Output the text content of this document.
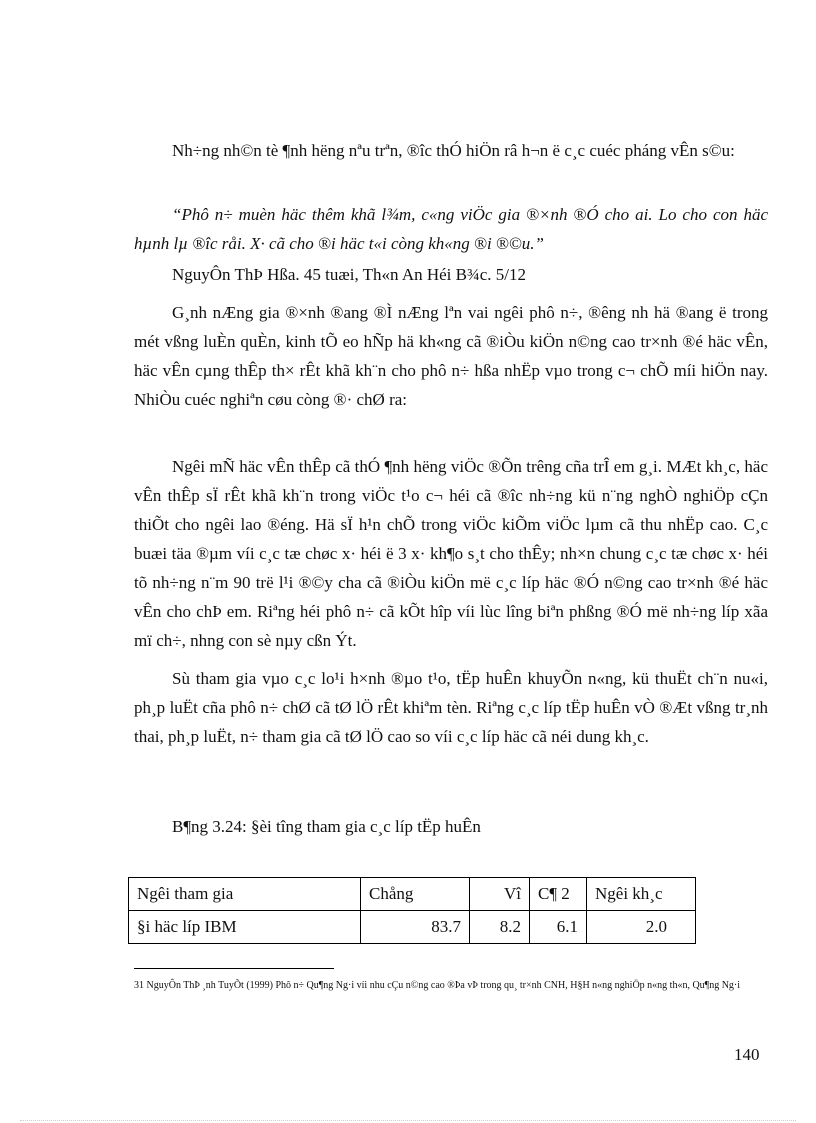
Nh÷ng nh©n tè ¶nh hëng nªu trªn, ®îc thÓ hiÖn râ h¬n ë c¸c cuéc pháng vÊn s©u:

“Phô n÷ muèn häc thêm khã l¾m, c«ng viÖc gia ®×nh ®Ó cho ai. Lo cho con häc hµnh lµ ®îc råi. X· cã cho ®i häc t«i còng kh«ng ®i ®©u.”

NguyÔn ThÞ Hßa. 45 tuæi, Th«n An Héi B¾c. 5/12

G¸nh nÆng gia ®×nh ®ang ®Ì nÆng lªn vai ngêi phô n÷, ®êng nh hä ®ang ë trong mét vßng luÈn quÈn, kinh tÕ eo hÑp hä kh«ng cã ®iÒu kiÖn n©ng cao tr×nh ®é häc vÊn, häc vÊn cµng thÊp th× rÊt khã kh¨n cho phô n÷ hßa nhËp vµo trong c¬ chÕ míi hiÖn nay. NhiÒu cuéc nghiªn cøu còng ®· chØ ra:

Ngêi mÑ häc vÊn thÊp cã thÓ ¶nh hëng viÖc ®Õn trêng cña trÎ em g¸i. MÆt kh¸c, häc vÊn thÊp sÏ rÊt khã kh¨n trong viÖc t¹o c¬ héi cã ®îc nh÷ng kü n¨ng nghÒ nghiÖp cÇn thiÕt cho ngêi lao ®éng. Hä sÏ h¹n chÕ trong viÖc kiÕm viÖc lµm cã thu nhËp cao. C¸c buæi täa ®µm víi c¸c tæ chøc x· héi ë 3 x· kh¶o s¸t cho thÊy; nh×n chung c¸c tæ chøc x· héi tõ nh÷ng n¨m 90 trë l¹i ®©y cha cã ®iÒu kiÖn më c¸c líp häc ®Ó n©ng cao tr×nh ®é häc vÊn cho chÞ em. Riªng héi phô n÷ cã kÕt hîp víi lùc lîng biªn phßng ®Ó më nh÷ng líp xãa mï ch÷, nhng con sè nµy cßn Ýt.

Sù tham gia vµo c¸c lo¹i h×nh ®µo t¹o, tËp huÊn khuyÕn n«ng, kü thuËt ch¨n nu«i, ph¸p luËt cña phô n÷ chØ cã tØ lÖ rÊt khiªm tèn. Riªng c¸c líp tËp huÊn vÒ ®Æt vßng tr¸nh thai, ph¸p luËt, n÷ tham gia cã tØ lÖ cao so víi c¸c líp häc cã néi dung kh¸c.

B¶ng 3.24: §èi tîng tham gia c¸c líp tËp huÊn

Ngêi tham gia	Chång	Vî	C¶ 2	Ngêi kh¸c
§i häc líp IBM	83.7	8.2	6.1	2.0

31 NguyÔn ThÞ ¸nh TuyÕt (1999) Phô n÷ Qu¶ng Ng·i víi nhu cÇu n©ng cao ®Þa vÞ trong qu¸ tr×nh CNH, H§H n«ng nghiÖp n«ng th«n, Qu¶ng Ng·i

140
